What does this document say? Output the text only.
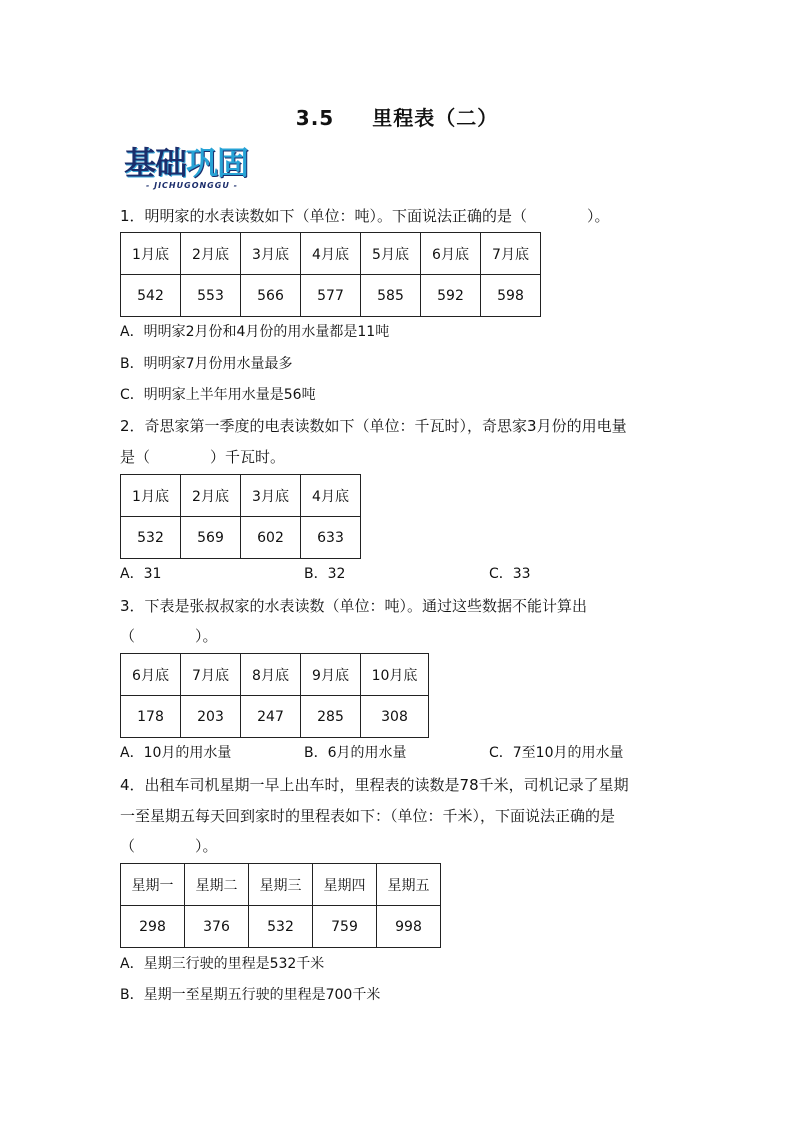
3.5 里程表（二）
基础巩固
- JICHUGONGGU -
1．明明家的水表读数如下（单位：吨）。下面说法正确的是（　　　　）。
1月底	2月底	3月底	4月底	5月底	6月底	7月底
542	553	566	577	585	592	598
A．明明家2月份和4月份的用水量都是11吨
B．明明家7月份用水量最多
C．明明家上半年用水量是56吨
2．奇思家第一季度的电表读数如下（单位：千瓦时），奇思家3月份的用电量
是（　　　　）千瓦时。
1月底	2月底	3月底	4月底
532	569	602	633
A．31	B．32	C．33
3．下表是张叔叔家的水表读数（单位：吨）。通过这些数据不能计算出
（　　　　）。
6月底	7月底	8月底	9月底	10月底
178	203	247	285	308
A．10月的用水量	B．6月的用水量	C．7至10月的用水量
4．出租车司机星期一早上出车时，里程表的读数是78千米，司机记录了星期
一至星期五每天回到家时的里程表如下：（单位：千米），下面说法正确的是
（　　　　）。
星期一	星期二	星期三	星期四	星期五
298	376	532	759	998
A．星期三行驶的里程是532千米
B．星期一至星期五行驶的里程是700千米
